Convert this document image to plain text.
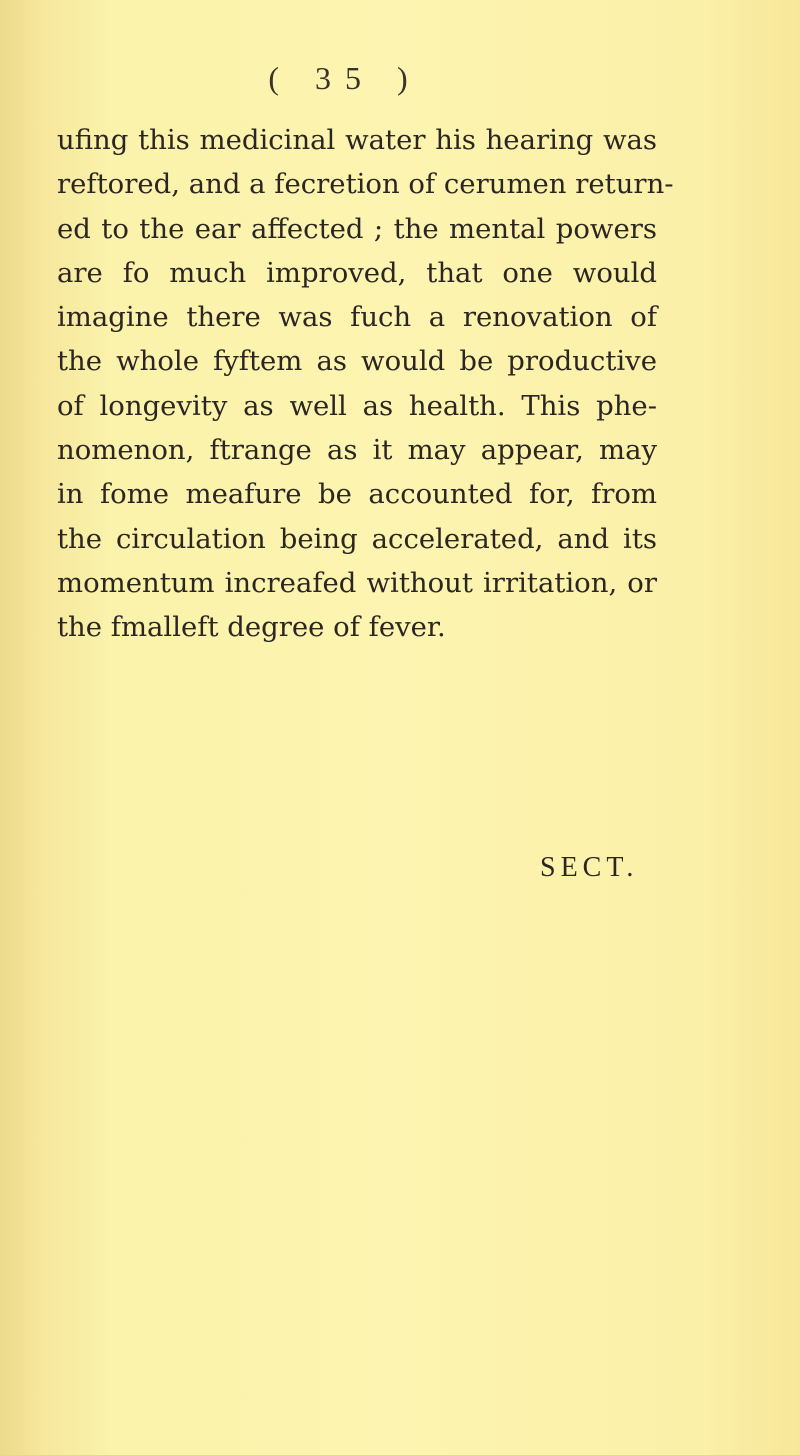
( 35 )
ufing this medicinal water his hearing was
reftored, and a fecretion of cerumen return-
ed to the ear affected ; the mental powers
are fo much improved, that one would
imagine there was fuch a renovation of
the whole fyftem as would be productive
of longevity as well as health. This phe-
nomenon, ftrange as it may appear, may
in fome meafure be accounted for, from
the circulation being accelerated, and its
momentum increafed without irritation, or
the fmalleft degree of fever.
SECT.
